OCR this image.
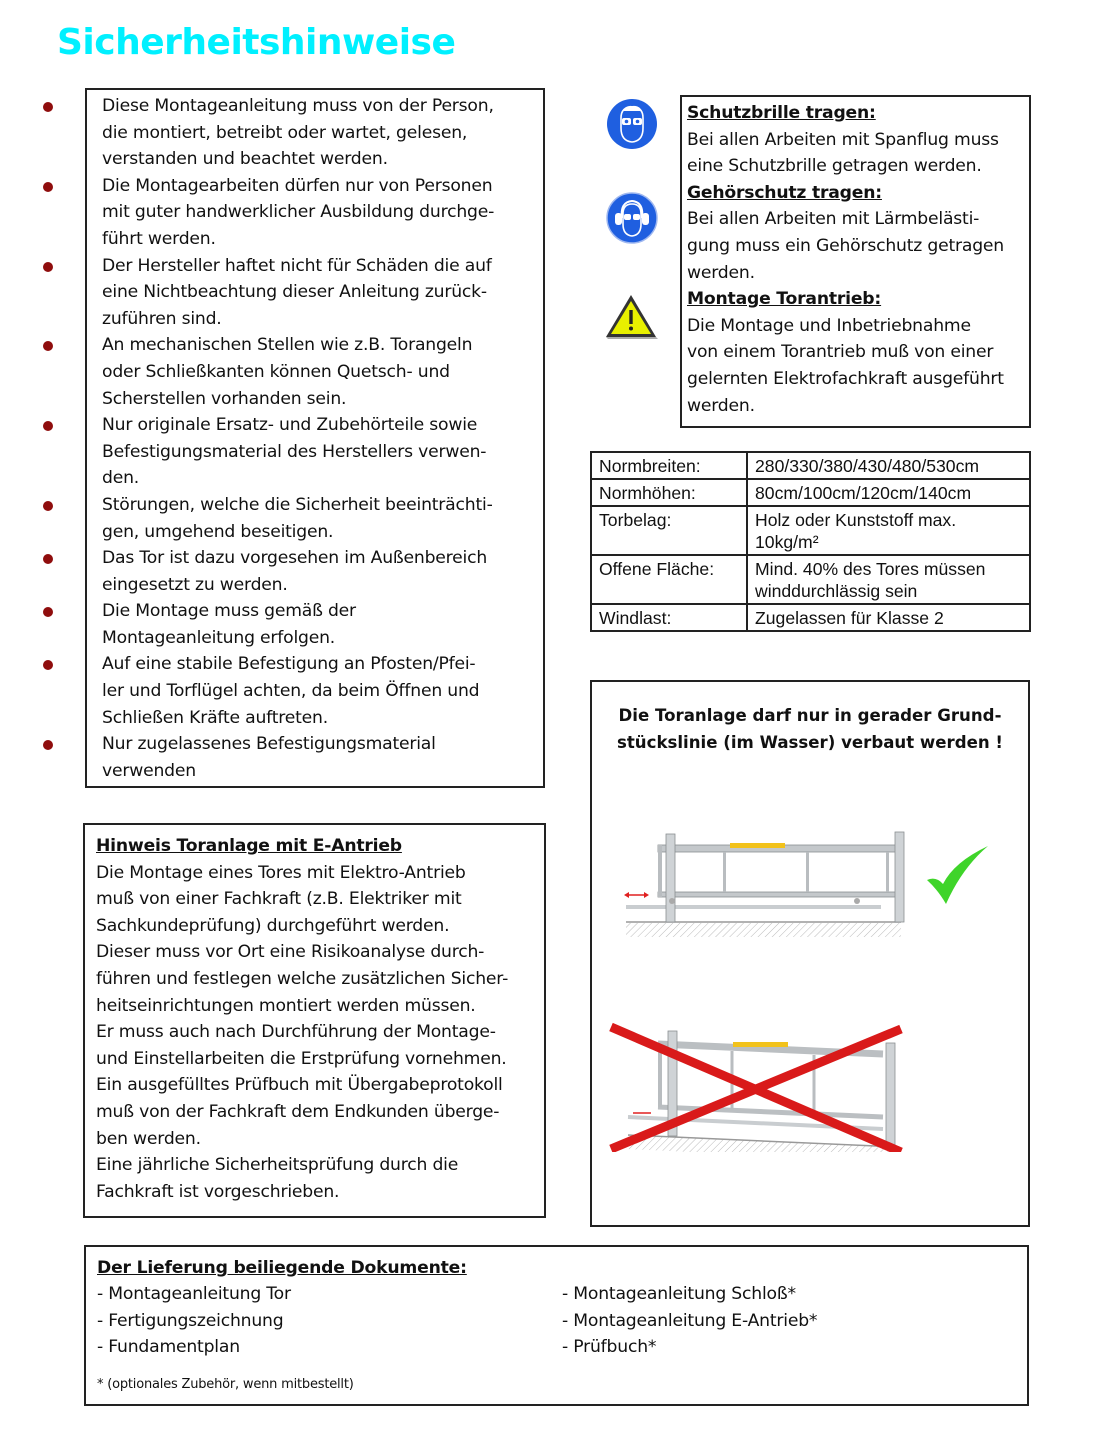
Sicherheitshinweise
Diese Montageanleitung muss von der Person,
die montiert, betreibt oder wartet, gelesen,
verstanden und beachtet werden.
Die Montagearbeiten dürfen nur von Personen
mit guter handwerklicher Ausbildung durchge-
führt werden.
Der Hersteller haftet nicht für Schäden die auf
eine Nichtbeachtung dieser Anleitung zurück-
zuführen sind.
An mechanischen Stellen wie z.B. Torangeln
oder Schließkanten können Quetsch- und
Scherstellen vorhanden sein.
Nur originale Ersatz- und Zubehörteile sowie
Befestigungsmaterial des Herstellers verwen-
den.
Störungen, welche die Sicherheit beeinträchti-
gen, umgehend beseitigen.
Das Tor ist dazu vorgesehen im Außenbereich
eingesetzt zu werden.
Die Montage muss gemäß der
Montageanleitung erfolgen.
Auf eine stabile Befestigung an Pfosten/Pfei-
ler und Torflügel achten, da beim Öffnen und
Schließen Kräfte auftreten.
Nur zugelassenes Befestigungsmaterial
verwenden
Schutzbrille tragen:
Bei allen Arbeiten mit Spanflug muss
eine Schutzbrille getragen werden.
Gehörschutz tragen:
Bei allen Arbeiten mit Lärmbelästi-
gung muss ein Gehörschutz getragen
werden.
Montage Torantrieb:
Die Montage und Inbetriebnahme
von einem Torantrieb muß von einer
gelernten Elektrofachkraft ausgeführt
werden.
Normbreiten:	280/330/380/430/480/530cm

Normhöhen:	80cm/100cm/120cm/140cm

Torbelag:	Holz oder Kunststoff max.
10kg/m²

Offene Fläche:	Mind. 40% des Tores müssen
winddurchlässig sein

Windlast:	Zugelassen für Klasse 2
Die Toranlage darf nur in gerader Grund-
stückslinie (im Wasser) verbaut werden !
Hinweis Toranlage mit E-Antrieb
Die Montage eines Tores mit Elektro-Antrieb
muß von einer Fachkraft (z.B. Elektriker mit
Sachkundeprüfung) durchgeführt werden.
Dieser muss vor Ort eine Risikoanalyse durch-
führen und festlegen welche zusätzlichen Sicher-
heitseinrichtungen montiert werden müssen.
Er muss auch nach Durchführung der Montage-
und Einstellarbeiten die Erstprüfung vornehmen.
Ein ausgefülltes Prüfbuch mit Übergabeprotokoll
muß von der Fachkraft dem Endkunden überge-
ben werden.
Eine jährliche Sicherheitsprüfung durch die
Fachkraft ist vorgeschrieben.
Der Lieferung beiliegende Dokumente:
- Montageanleitung Tor
- Fertigungszeichnung
- Fundamentplan
- Montageanleitung Schloß*
- Montageanleitung E-Antrieb*
- Prüfbuch*
* (optionales Zubehör, wenn mitbestellt)
